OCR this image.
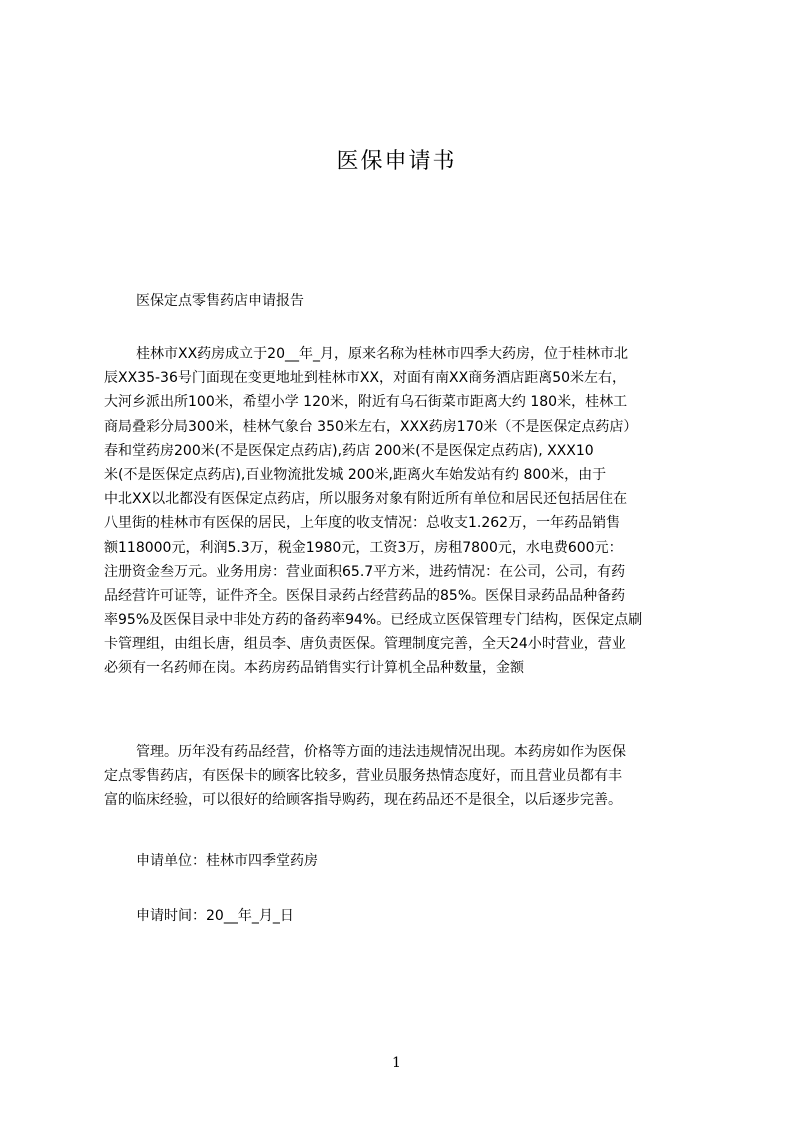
医保申请书
医保定点零售药店申请报告
桂林市XX药房成立于20__年_月，原来名称为桂林市四季大药房，位于桂林市北
辰XX35-36号门面现在变更地址到桂林市XX，对面有南XX商务酒店距离50米左右，
大河乡派出所100米，希望小学 120米，附近有乌石街菜市距离大约 180米，桂林工
商局叠彩分局300米，桂林气象台 350米左右，XXX药房170米（不是医保定点药店）
春和堂药房200米(不是医保定点药店),药店 200米(不是医保定点药店), XXX10
米(不是医保定点药店),百业物流批发城 200米,距离火车始发站有约 800米，由于
中北XX以北都没有医保定点药店，所以服务对象有附近所有单位和居民还包括居住在
八里街的桂林市有医保的居民，上年度的收支情况：总收支1.262万，一年药品销售
额118000元，利润5.3万，税金1980元，工资3万，房租7800元，水电费600元：
注册资金叁万元。业务用房：营业面积65.7平方米，进药情况：在公司，公司，有药
品经营许可证等，证件齐全。医保目录药占经营药品的85%。医保目录药品品种备药
率95%及医保目录中非处方药的备药率94%。已经成立医保管理专门结构，医保定点刷
卡管理组，由组长唐，组员李、唐负责医保。管理制度完善，全天24小时营业，营业
必须有一名药师在岗。本药房药品销售实行计算机全品种数量，金额
管理。历年没有药品经营，价格等方面的违法违规情况出现。本药房如作为医保
定点零售药店，有医保卡的顾客比较多，营业员服务热情态度好，而且营业员都有丰
富的临床经验，可以很好的给顾客指导购药，现在药品还不是很全，以后逐步完善。
申请单位：桂林市四季堂药房
申请时间：20__年_月_日
1
